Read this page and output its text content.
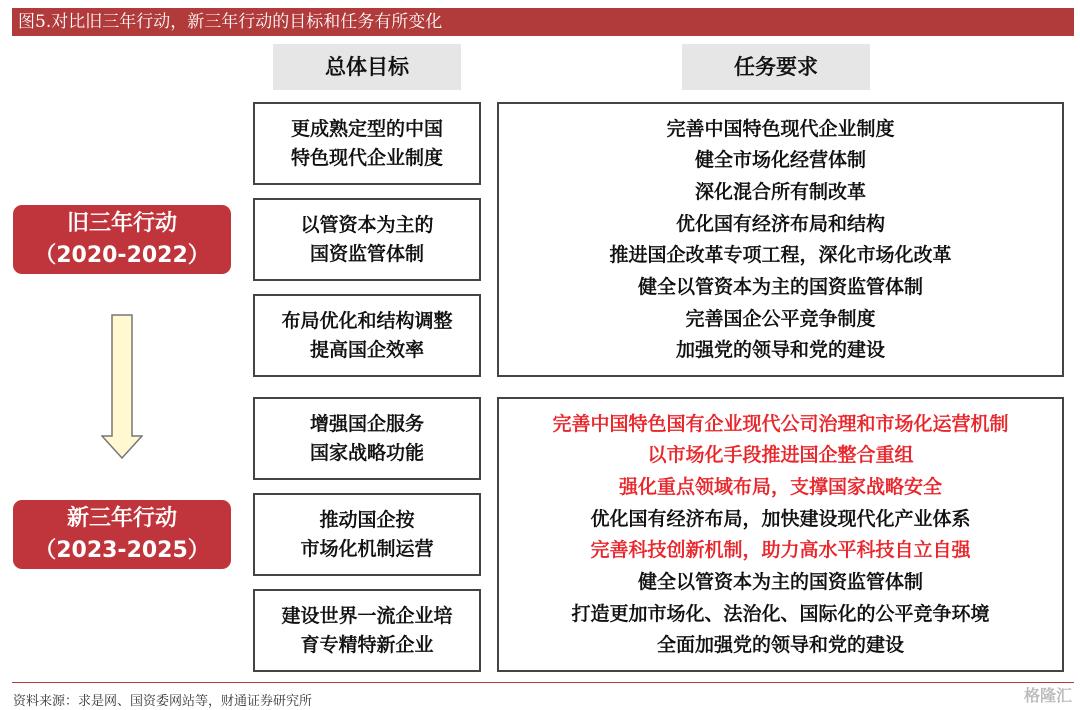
图5.对比旧三年行动，新三年行动的目标和任务有所变化
总体目标	任务要求
旧三年行动
（2020-2022）
新三年行动
（2023-2025）
更成熟定型的中国
特色现代企业制度
以管资本为主的
国资监管体制
布局优化和结构调整
提高国企效率
增强国企服务
国家战略功能
推动国企按
市场化机制运营
建设世界一流企业培
育专精特新企业
完善中国特色现代企业制度
健全市场化经营体制
深化混合所有制改革
优化国有经济布局和结构
推进国企改革专项工程，深化市场化改革
健全以管资本为主的国资监管体制
完善国企公平竞争制度
加强党的领导和党的建设
完善中国特色国有企业现代公司治理和市场化运营机制
以市场化手段推进国企整合重组
强化重点领域布局，支撑国家战略安全
优化国有经济布局，加快建设现代化产业体系
完善科技创新机制，助力高水平科技自立自强
健全以管资本为主的国资监管体制
打造更加市场化、法治化、国际化的公平竞争环境
全面加强党的领导和党的建设
资料来源：求是网、国资委网站等，财通证券研究所	格隆汇
